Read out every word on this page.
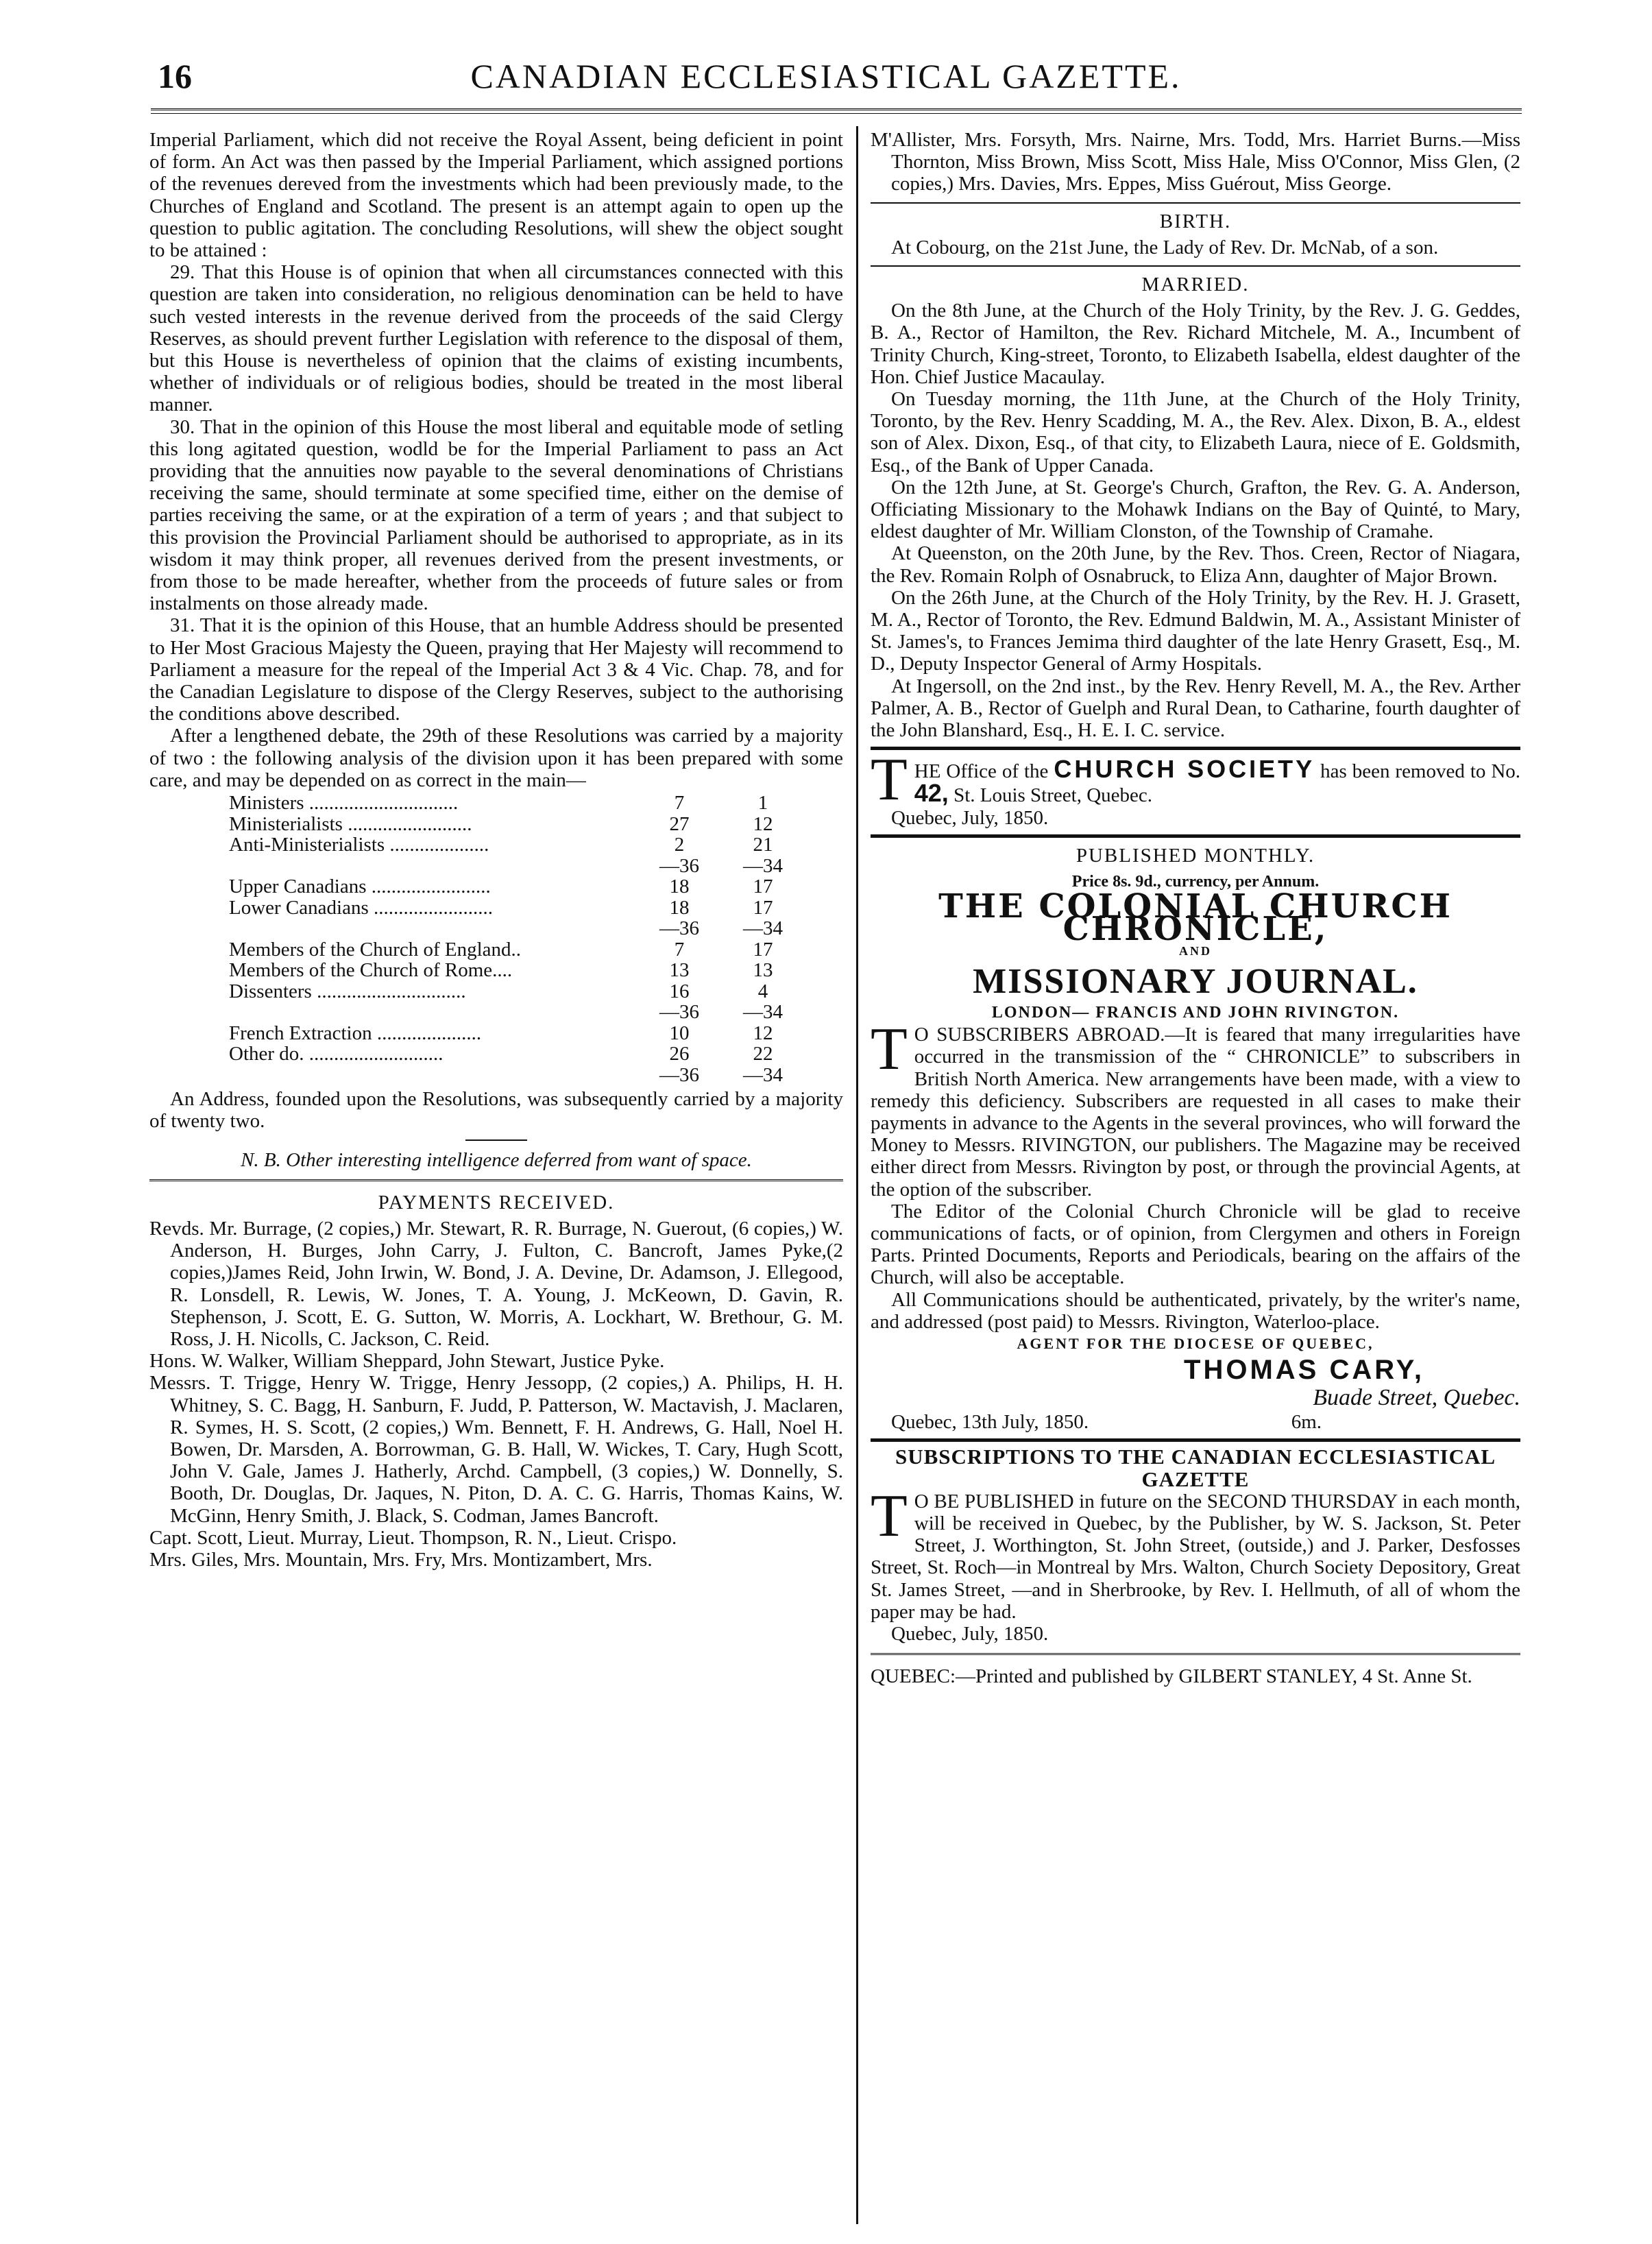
16	CANADIAN ECCLESIASTICAL GAZETTE.

Imperial Parliament, which did not receive the Royal Assent, being deficient in point of form. An Act was then passed by the Imperial Parliament, which assigned portions of the revenues dereved from the investments which had been previously made, to the Churches of England and Scotland. The present is an attempt again to open up the question to public agitation. The concluding Resolutions, will shew the object sought to be attained :

29. That this House is of opinion that when all circumstances connected with this question are taken into consideration, no religious denomination can be held to have such vested interests in the revenue derived from the proceeds of the said Clergy Reserves, as should prevent further Legislation with reference to the disposal of them, but this House is nevertheless of opinion that the claims of existing incumbents, whether of individuals or of religious bodies, should be treated in the most liberal manner.

30. That in the opinion of this House the most liberal and equitable mode of setling this long agitated question, wodld be for the Imperial Parliament to pass an Act providing that the annuities now payable to the several denominations of Christians receiving the same, should terminate at some specified time, either on the demise of parties receiving the same, or at the expiration of a term of years ; and that subject to this provision the Provincial Parliament should be authorised to appropriate, as in its wisdom it may think proper, all revenues derived from the present investments, or from those to be made hereafter, whether from the proceeds of future sales or from instalments on those already made.

31. That it is the opinion of this House, that an humble Address should be presented to Her Most Gracious Majesty the Queen, praying that Her Majesty will recommend to Parliament a measure for the repeal of the Imperial Act 3 & 4 Vic. Chap. 78, and for the Canadian Legislature to dispose of the Clergy Reserves, subject to the authorising the conditions above described.

After a lengthened debate, the 29th of these Resolutions was carried by a majority of two : the following analysis of the division upon it has been prepared with some care, and may be depended on as correct in the main—

Ministers ..............................	7	1
Ministerialists .........................	27	12
Anti-Ministerialists ....................	2	21
	—36	—34
Upper Canadians ........................	18	17
Lower Canadians ........................	18	17
	—36	—34
Members of the Church of England..	7	17
Members of the Church of Rome....	13	13
Dissenters ..............................	16	4
	—36	—34
French Extraction .....................	10	12
Other do. ...........................	26	22
	—36	—34

An Address, founded upon the Resolutions, was subsequently carried by a majority of twenty two.

N. B. Other interesting intelligence deferred from want of space.

PAYMENTS RECEIVED.

Revds. Mr. Burrage, (2 copies,) Mr. Stewart, R. R. Burrage, N. Guerout, (6 copies,) W. Anderson, H. Burges, John Carry, J. Fulton, C. Bancroft, James Pyke,(2 copies,)James Reid, John Irwin, W. Bond, J. A. Devine, Dr. Adamson, J. Ellegood, R. Lonsdell, R. Lewis, W. Jones, T. A. Young, J. McKeown, D. Gavin, R. Stephenson, J. Scott, E. G. Sutton, W. Morris, A. Lockhart, W. Brethour, G. M. Ross, J. H. Nicolls, C. Jackson, C. Reid.

Hons. W. Walker, William Sheppard, John Stewart, Justice Pyke.

Messrs. T. Trigge, Henry W. Trigge, Henry Jessopp, (2 copies,) A. Philips, H. H. Whitney, S. C. Bagg, H. Sanburn, F. Judd, P. Patterson, W. Mactavish, J. Maclaren, R. Symes, H. S. Scott, (2 copies,) Wm. Bennett, F. H. Andrews, G. Hall, Noel H. Bowen, Dr. Marsden, A. Borrowman, G. B. Hall, W. Wickes, T. Cary, Hugh Scott, John V. Gale, James J. Hatherly, Archd. Campbell, (3 copies,) W. Donnelly, S. Booth, Dr. Douglas, Dr. Jaques, N. Piton, D. A. C. G. Harris, Thomas Kains, W. McGinn, Henry Smith, J. Black, S. Codman, James Bancroft.

Capt. Scott, Lieut. Murray, Lieut. Thompson, R. N., Lieut. Crispo.

Mrs. Giles, Mrs. Mountain, Mrs. Fry, Mrs. Montizambert, Mrs.

M'Allister, Mrs. Forsyth, Mrs. Nairne, Mrs. Todd, Mrs. Harriet Burns.—Miss Thornton, Miss Brown, Miss Scott, Miss Hale, Miss O'Connor, Miss Glen, (2 copies,) Mrs. Davies, Mrs. Eppes, Miss Guérout, Miss George.

BIRTH.

At Cobourg, on the 21st June, the Lady of Rev. Dr. McNab, of a son.

MARRIED.

On the 8th June, at the Church of the Holy Trinity, by the Rev. J. G. Geddes, B. A., Rector of Hamilton, the Rev. Richard Mitchele, M. A., Incumbent of Trinity Church, King-street, Toronto, to Elizabeth Isabella, eldest daughter of the Hon. Chief Justice Macaulay.

On Tuesday morning, the 11th June, at the Church of the Holy Trinity, Toronto, by the Rev. Henry Scadding, M. A., the Rev. Alex. Dixon, B. A., eldest son of Alex. Dixon, Esq., of that city, to Elizabeth Laura, niece of E. Goldsmith, Esq., of the Bank of Upper Canada.

On the 12th June, at St. George's Church, Grafton, the Rev. G. A. Anderson, Officiating Missionary to the Mohawk Indians on the Bay of Quinté, to Mary, eldest daughter of Mr. William Clonston, of the Township of Cramahe.

At Queenston, on the 20th June, by the Rev. Thos. Creen, Rector of Niagara, the Rev. Romain Rolph of Osnabruck, to Eliza Ann, daughter of Major Brown.

On the 26th June, at the Church of the Holy Trinity, by the Rev. H. J. Grasett, M. A., Rector of Toronto, the Rev. Edmund Baldwin, M. A., Assistant Minister of St. James's, to Frances Jemima third daughter of the late Henry Grasett, Esq., M. D., Deputy Inspector General of Army Hospitals.

At Ingersoll, on the 2nd inst., by the Rev. Henry Revell, M. A., the Rev. Arther Palmer, A. B., Rector of Guelph and Rural Dean, to Catharine, fourth daughter of the John Blanshard, Esq., H. E. I. C. service.

T HE Office of the CHURCH SOCIETY has been removed to No. 42, St. Louis Street, Quebec.

Quebec, July, 1850.

PUBLISHED MONTHLY.
Price 8s. 9d., currency, per Annum.
THE COLONIAL CHURCH CHRONICLE,
AND
MISSIONARY JOURNAL.
LONDON— FRANCIS AND JOHN RIVINGTON.
T O SUBSCRIBERS ABROAD.—It is feared that many irregularities have occurred in the transmission of the “ CHRONICLE” to subscribers in British North America. New arrangements have been made, with a view to remedy this deficiency. Subscribers are requested in all cases to make their payments in advance to the Agents in the several provinces, who will forward the Money to Messrs. RIVINGTON, our publishers. The Magazine may be received either direct from Messrs. Rivington by post, or through the provincial Agents, at the option of the subscriber.

The Editor of the Colonial Church Chronicle will be glad to receive communications of facts, or of opinion, from Clergymen and others in Foreign Parts. Printed Documents, Reports and Periodicals, bearing on the affairs of the Church, will also be acceptable.

All Communications should be authenticated, privately, by the writer's name, and addressed (post paid) to Messrs. Rivington, Waterloo-place.

AGENT FOR THE DIOCESE OF QUEBEC,
THOMAS CARY,
Buade Street, Quebec.
Quebec, 13th July, 1850.	6m.
SUBSCRIPTIONS TO THE CANADIAN ECCLESIASTICAL GAZETTE
T O BE PUBLISHED in future on the SECOND THURSDAY in each month, will be received in Quebec, by the Publisher, by W. S. Jackson, St. Peter Street, J. Worthington, St. John Street, (outside,) and J. Parker, Desfosses Street, St. Roch—in Montreal by Mrs. Walton, Church Society Depository, Great St. James Street, —and in Sherbrooke, by Rev. I. Hellmuth, of all of whom the paper may be had.

Quebec, July, 1850.

QUEBEC:—Printed and published by GILBERT STANLEY, 4 St. Anne St.
